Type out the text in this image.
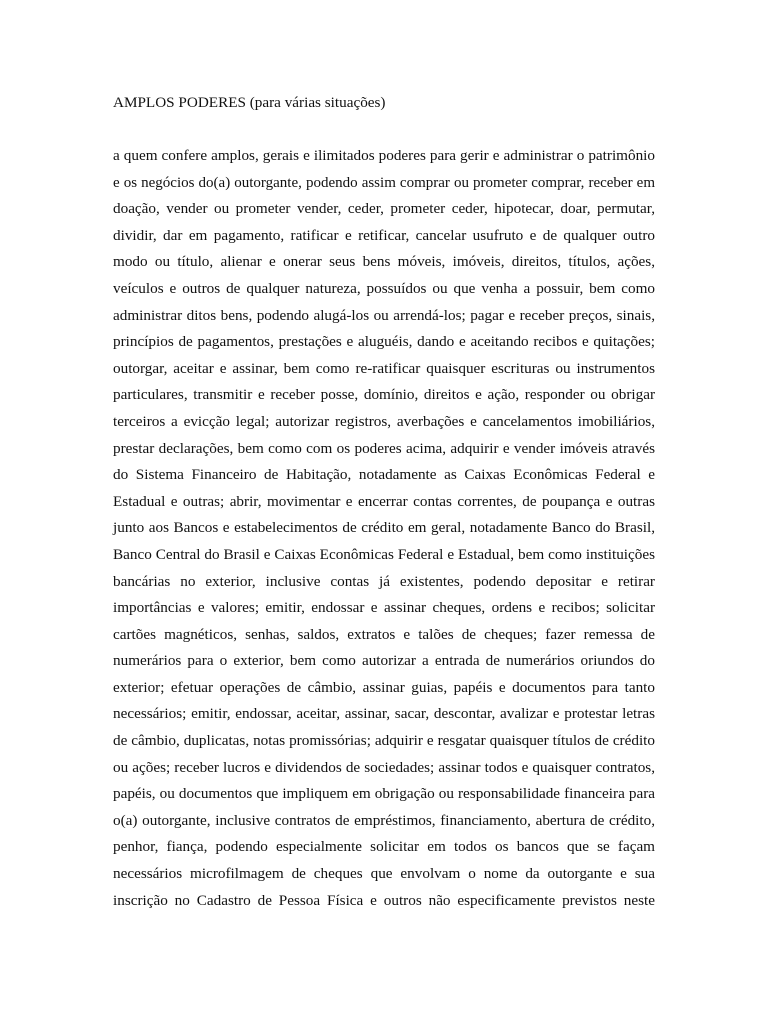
AMPLOS PODERES (para várias situações)
a quem confere amplos, gerais e ilimitados poderes para gerir e administrar o patrimônio
e os negócios do(a) outorgante, podendo assim comprar ou prometer comprar, receber em
doação, vender ou prometer vender, ceder, prometer ceder, hipotecar, doar, permutar,
dividir, dar em pagamento, ratificar e retificar, cancelar usufruto e de qualquer outro
modo ou título, alienar e onerar seus bens móveis, imóveis, direitos, títulos, ações,
veículos e outros de qualquer natureza, possuídos ou que venha a possuir, bem como
administrar ditos bens, podendo alugá-los ou arrendá-los; pagar e receber preços, sinais,
princípios de pagamentos, prestações e aluguéis, dando e aceitando recibos e quitações;
outorgar, aceitar e assinar, bem como re-ratificar quaisquer escrituras ou instrumentos
particulares, transmitir e receber posse, domínio, direitos e ação, responder ou obrigar
terceiros a evicção legal; autorizar registros, averbações e cancelamentos imobiliários,
prestar declarações, bem como com os poderes acima, adquirir e vender imóveis através
do Sistema Financeiro de Habitação, notadamente as Caixas Econômicas Federal e
Estadual e outras; abrir, movimentar e encerrar contas correntes, de poupança e outras
junto aos Bancos e estabelecimentos de crédito em geral, notadamente Banco do Brasil,
Banco Central do Brasil e Caixas Econômicas Federal e Estadual, bem como instituições
bancárias no exterior, inclusive contas já existentes, podendo depositar e retirar
importâncias e valores; emitir, endossar e assinar cheques, ordens e recibos; solicitar
cartões magnéticos, senhas, saldos, extratos e talões de cheques; fazer remessa de
numerários para o exterior, bem como autorizar a entrada de numerários oriundos do
exterior; efetuar operações de câmbio, assinar guias, papéis e documentos para tanto
necessários; emitir, endossar, aceitar, assinar, sacar, descontar, avalizar e protestar letras
de câmbio, duplicatas, notas promissórias; adquirir e resgatar quaisquer títulos de crédito
ou ações; receber lucros e dividendos de sociedades; assinar todos e quaisquer contratos,
papéis, ou documentos que impliquem em obrigação ou responsabilidade financeira para
o(a) outorgante, inclusive contratos de empréstimos, financiamento, abertura de crédito,
penhor, fiança, podendo especialmente solicitar em todos os bancos que se façam
necessários microfilmagem de cheques que envolvam o nome da outorgante e sua
inscrição no Cadastro de Pessoa Física e outros não especificamente previstos neste
